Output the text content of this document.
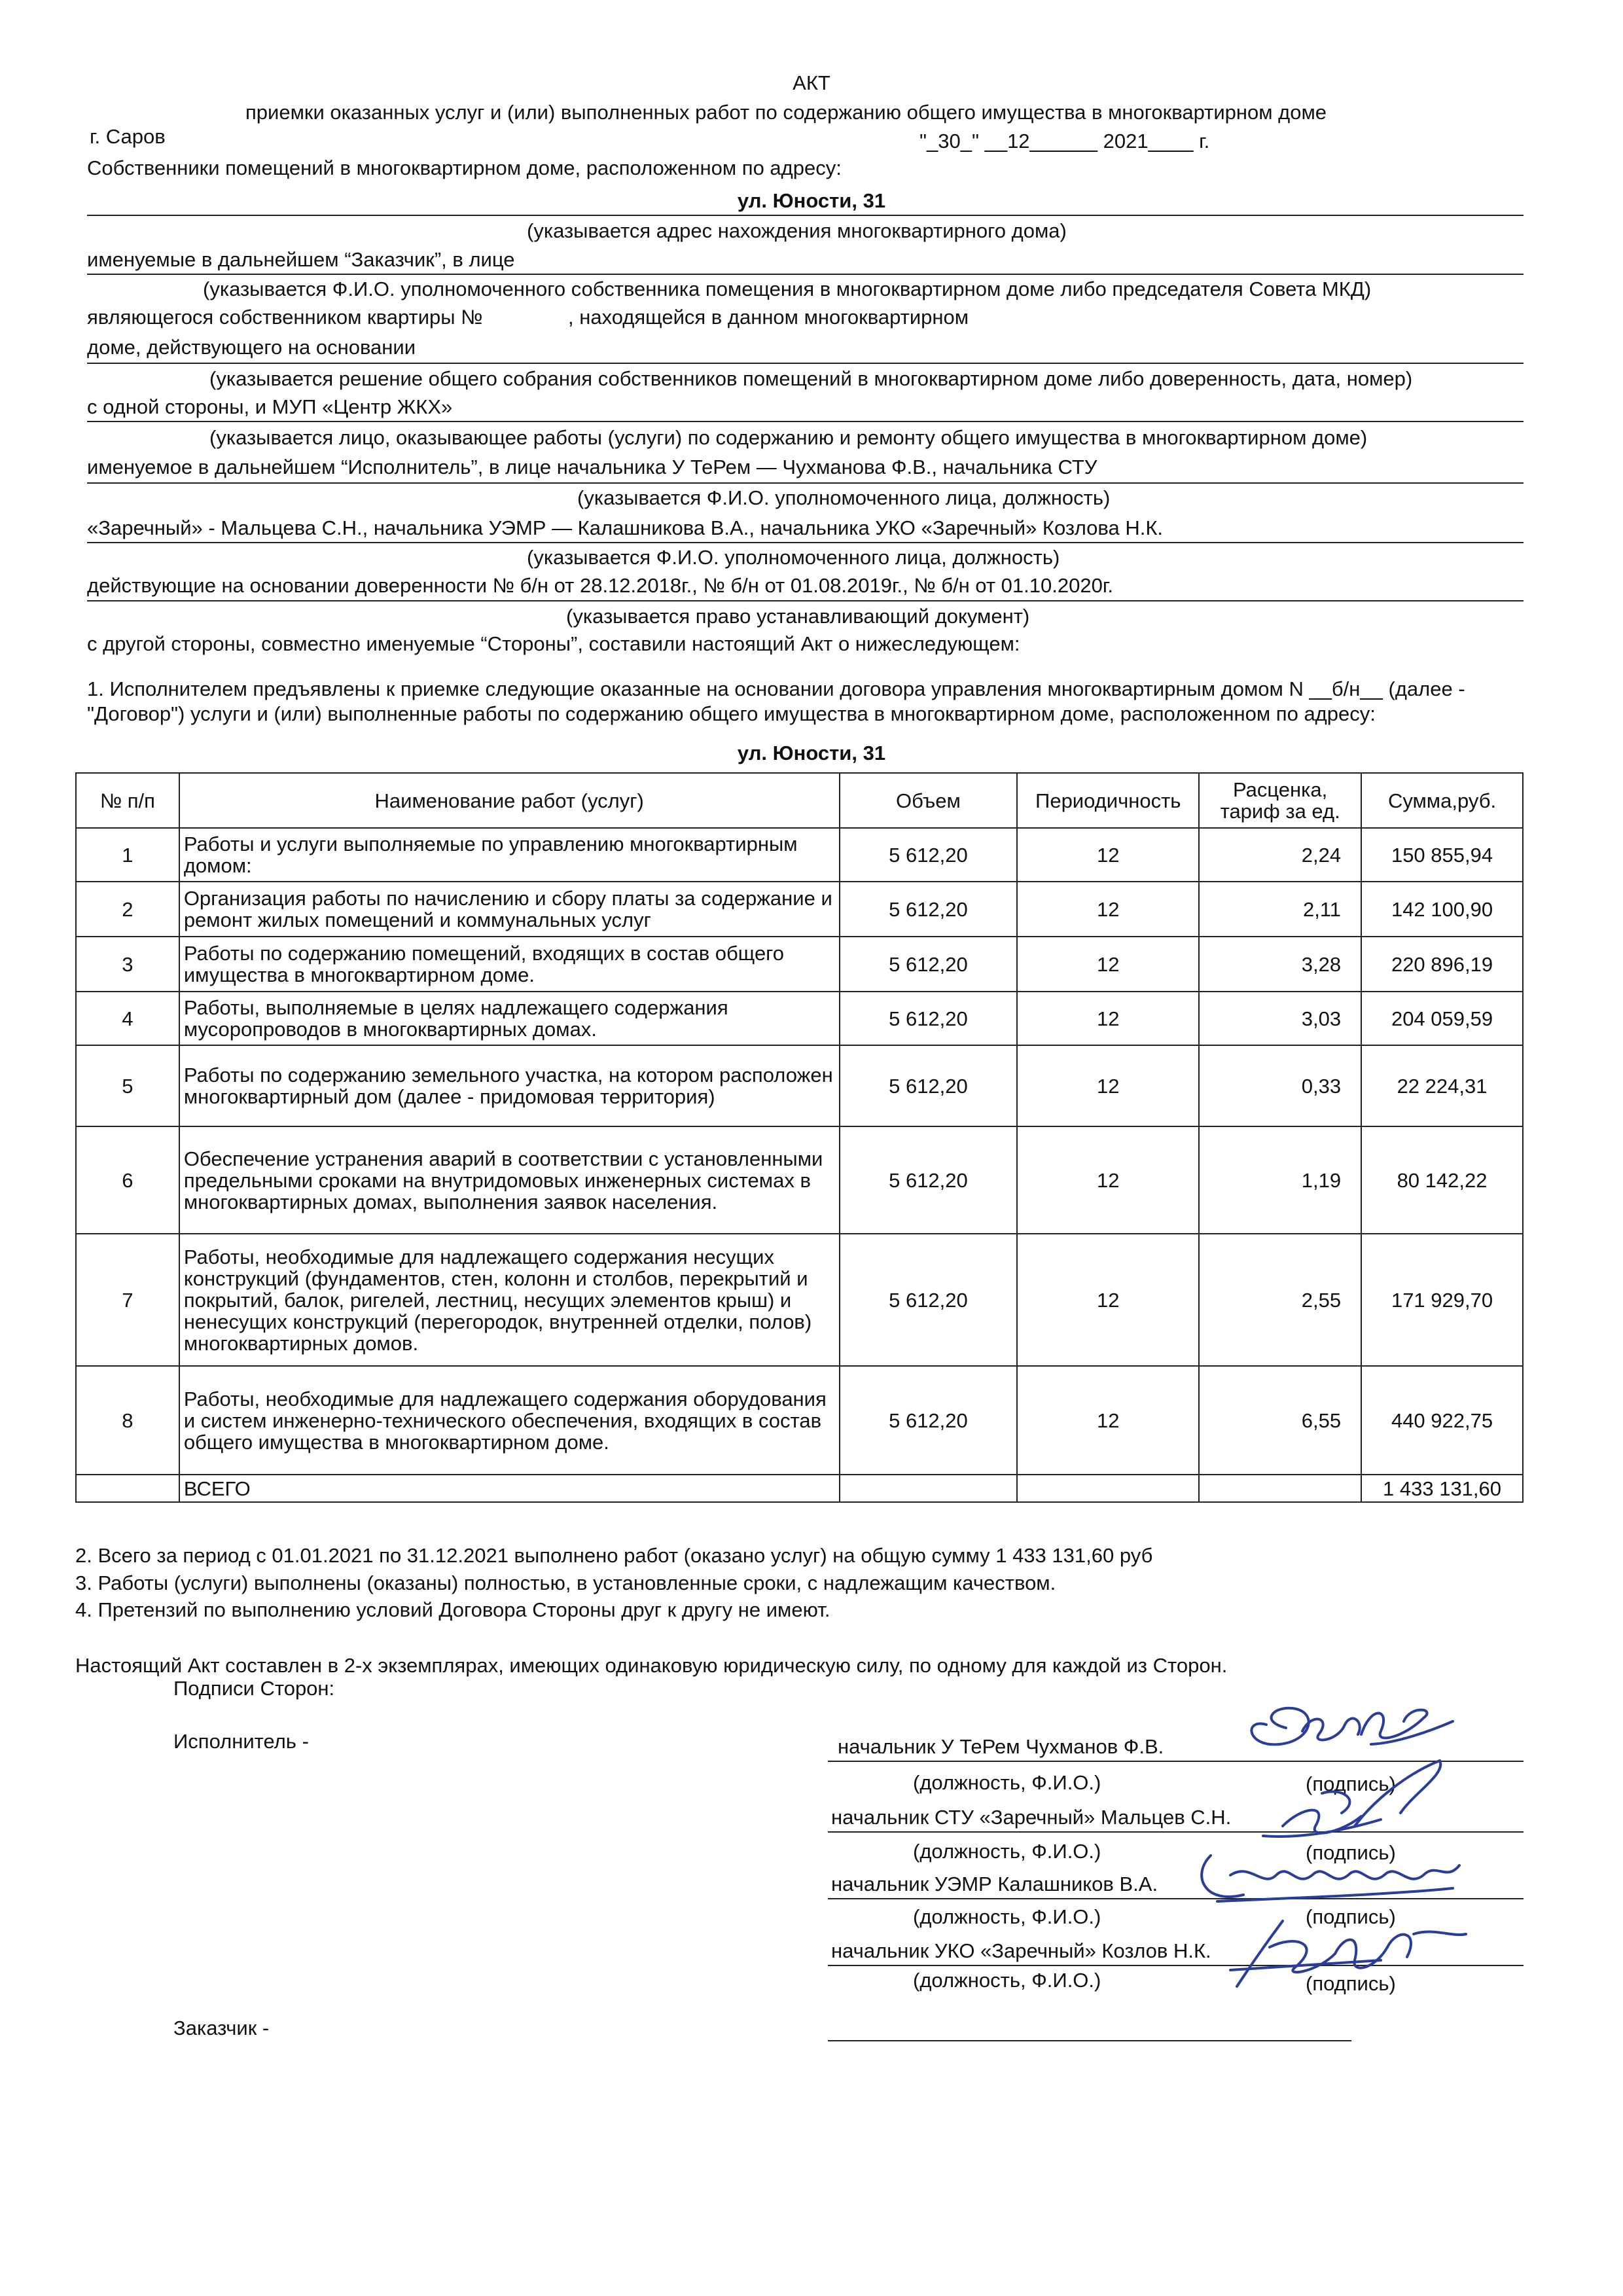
АКТ
приемки оказанных услуг и (или) выполненных работ по содержанию общего имущества в многоквартирном доме
г. Саров	"_30_" __12______ 2021____ г.
Собственники помещений в многоквартирном доме, расположенном по адресу:
ул. Юности, 31
(указывается адрес нахождения многоквартирного дома)
именуемые в дальнейшем “Заказчик”, в лице
(указывается Ф.И.О. уполномоченного собственника помещения в многоквартирном доме либо председателя Совета МКД)
являющегося собственником квартиры №	, находящейся в данном многоквартирном
доме, действующего на основании
(указывается решение общего собрания собственников помещений в многоквартирном доме либо доверенность, дата, номер)
с одной стороны, и МУП «Центр ЖКХ»
(указывается лицо, оказывающее работы (услуги) по содержанию и ремонту общего имущества в многоквартирном доме)
именуемое в дальнейшем “Исполнитель”, в лице начальника У ТеРем — Чухманова Ф.В., начальника СТУ
(указывается Ф.И.О. уполномоченного лица, должность)
«Заречный» - Мальцева С.Н., начальника УЭМР — Калашникова В.А., начальника УКО «Заречный» Козлова Н.К.
(указывается Ф.И.О. уполномоченного лица, должность)
действующие на основании доверенности № б/н от 28.12.2018г., № б/н от 01.08.2019г., № б/н от 01.10.2020г.
(указывается право устанавливающий документ)
с другой стороны, совместно именуемые “Стороны”, составили настоящий Акт о нижеследующем:
1. Исполнителем предъявлены к приемке следующие оказанные на основании договора управления многоквартирным домом N __б/н__ (далее -
"Договор") услуги и (или) выполненные работы по содержанию общего имущества в многоквартирном доме, расположенном по адресу:
ул. Юности, 31
№ п/п	Наименование работ (услуг)	Объем	Периодичность	Расценка, тариф за ед.	Сумма,руб.
1	Работы и услуги выполняемые по управлению многоквартирным домом:	5 612,20	12	2,24	150 855,94
2	Организация работы по начислению и сбору платы за содержание и ремонт жилых помещений и коммунальных услуг	5 612,20	12	2,11	142 100,90
3	Работы по содержанию помещений, входящих в состав общего имущества в многоквартирном доме.	5 612,20	12	3,28	220 896,19
4	Работы, выполняемые в целях надлежащего содержания мусоропроводов в многоквартирных домах.	5 612,20	12	3,03	204 059,59
5	Работы по содержанию земельного участка, на котором расположен многоквартирный дом (далее - придомовая территория)	5 612,20	12	0,33	22 224,31
6	Обеспечение устранения аварий в соответствии с установленными предельными сроками на внутридомовых инженерных системах в многоквартирных домах, выполнения заявок населения.	5 612,20	12	1,19	80 142,22
7	Работы, необходимые для надлежащего содержания несущих конструкций (фундаментов, стен, колонн и столбов, перекрытий и покрытий, балок, ригелей, лестниц, несущих элементов крыш) и ненесущих конструкций (перегородок, внутренней отделки, полов) многоквартирных домов.	5 612,20	12	2,55	171 929,70
8	Работы, необходимые для надлежащего содержания оборудования и систем инженерно-технического обеспечения, входящих в состав общего имущества в многоквартирном доме.	5 612,20	12	6,55	440 922,75
	ВСЕГО				1 433 131,60
2. Всего за период с 01.01.2021 по 31.12.2021 выполнено работ (оказано услуг) на общую сумму 1 433 131,60 руб
3. Работы (услуги) выполнены (оказаны) полностью, в установленные сроки, с надлежащим качеством.
4. Претензий по выполнению условий Договора Стороны друг к другу не имеют.
Настоящий Акт составлен в 2-х экземплярах, имеющих одинаковую юридическую силу, по одному для каждой из Сторон.
Подписи Сторон:
Исполнитель -	начальник У ТеРем Чухманов Ф.В.
(должность, Ф.И.О.)	(подпись)
начальник СТУ «Заречный» Мальцев С.Н.
(должность, Ф.И.О.)	(подпись)
начальник УЭМР Калашников В.А.
(должность, Ф.И.О.)	(подпись)
начальник УКО «Заречный» Козлов Н.К.
(должность, Ф.И.О.)	(подпись)
Заказчик -
